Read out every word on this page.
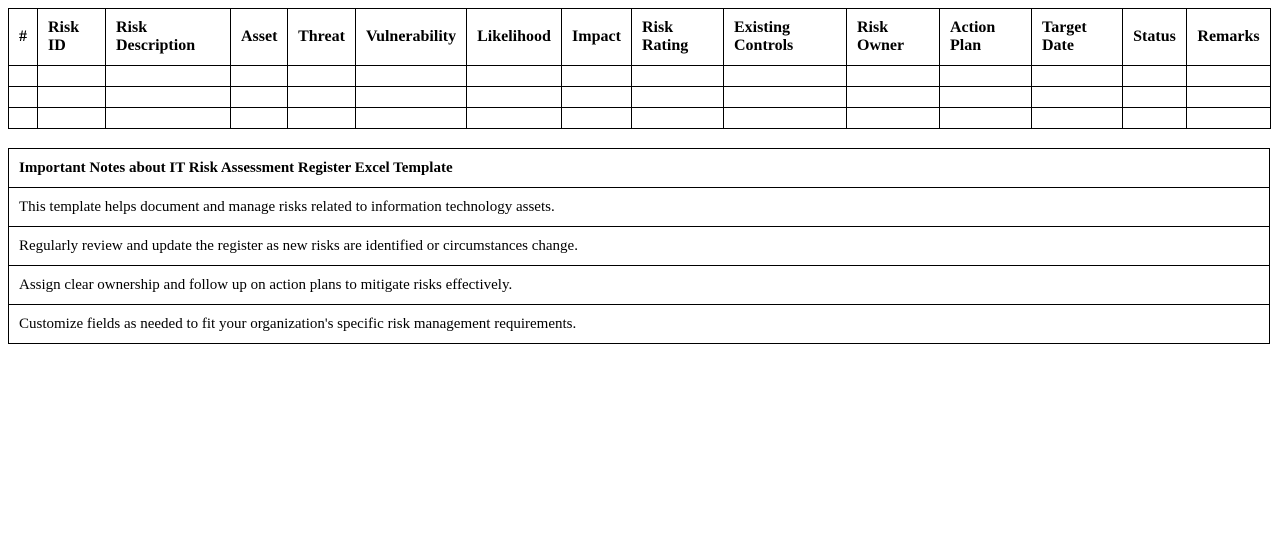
#	Risk ID	Risk Description	Asset	Threat	Vulnerability	Likelihood	Impact	Risk Rating	Existing Controls	Risk Owner	Action Plan	Target Date	Status	Remarks

Important Notes about IT Risk Assessment Register Excel Template
This template helps document and manage risks related to information technology assets.
Regularly review and update the register as new risks are identified or circumstances change.
Assign clear ownership and follow up on action plans to mitigate risks effectively.
Customize fields as needed to fit your organization's specific risk management requirements.
